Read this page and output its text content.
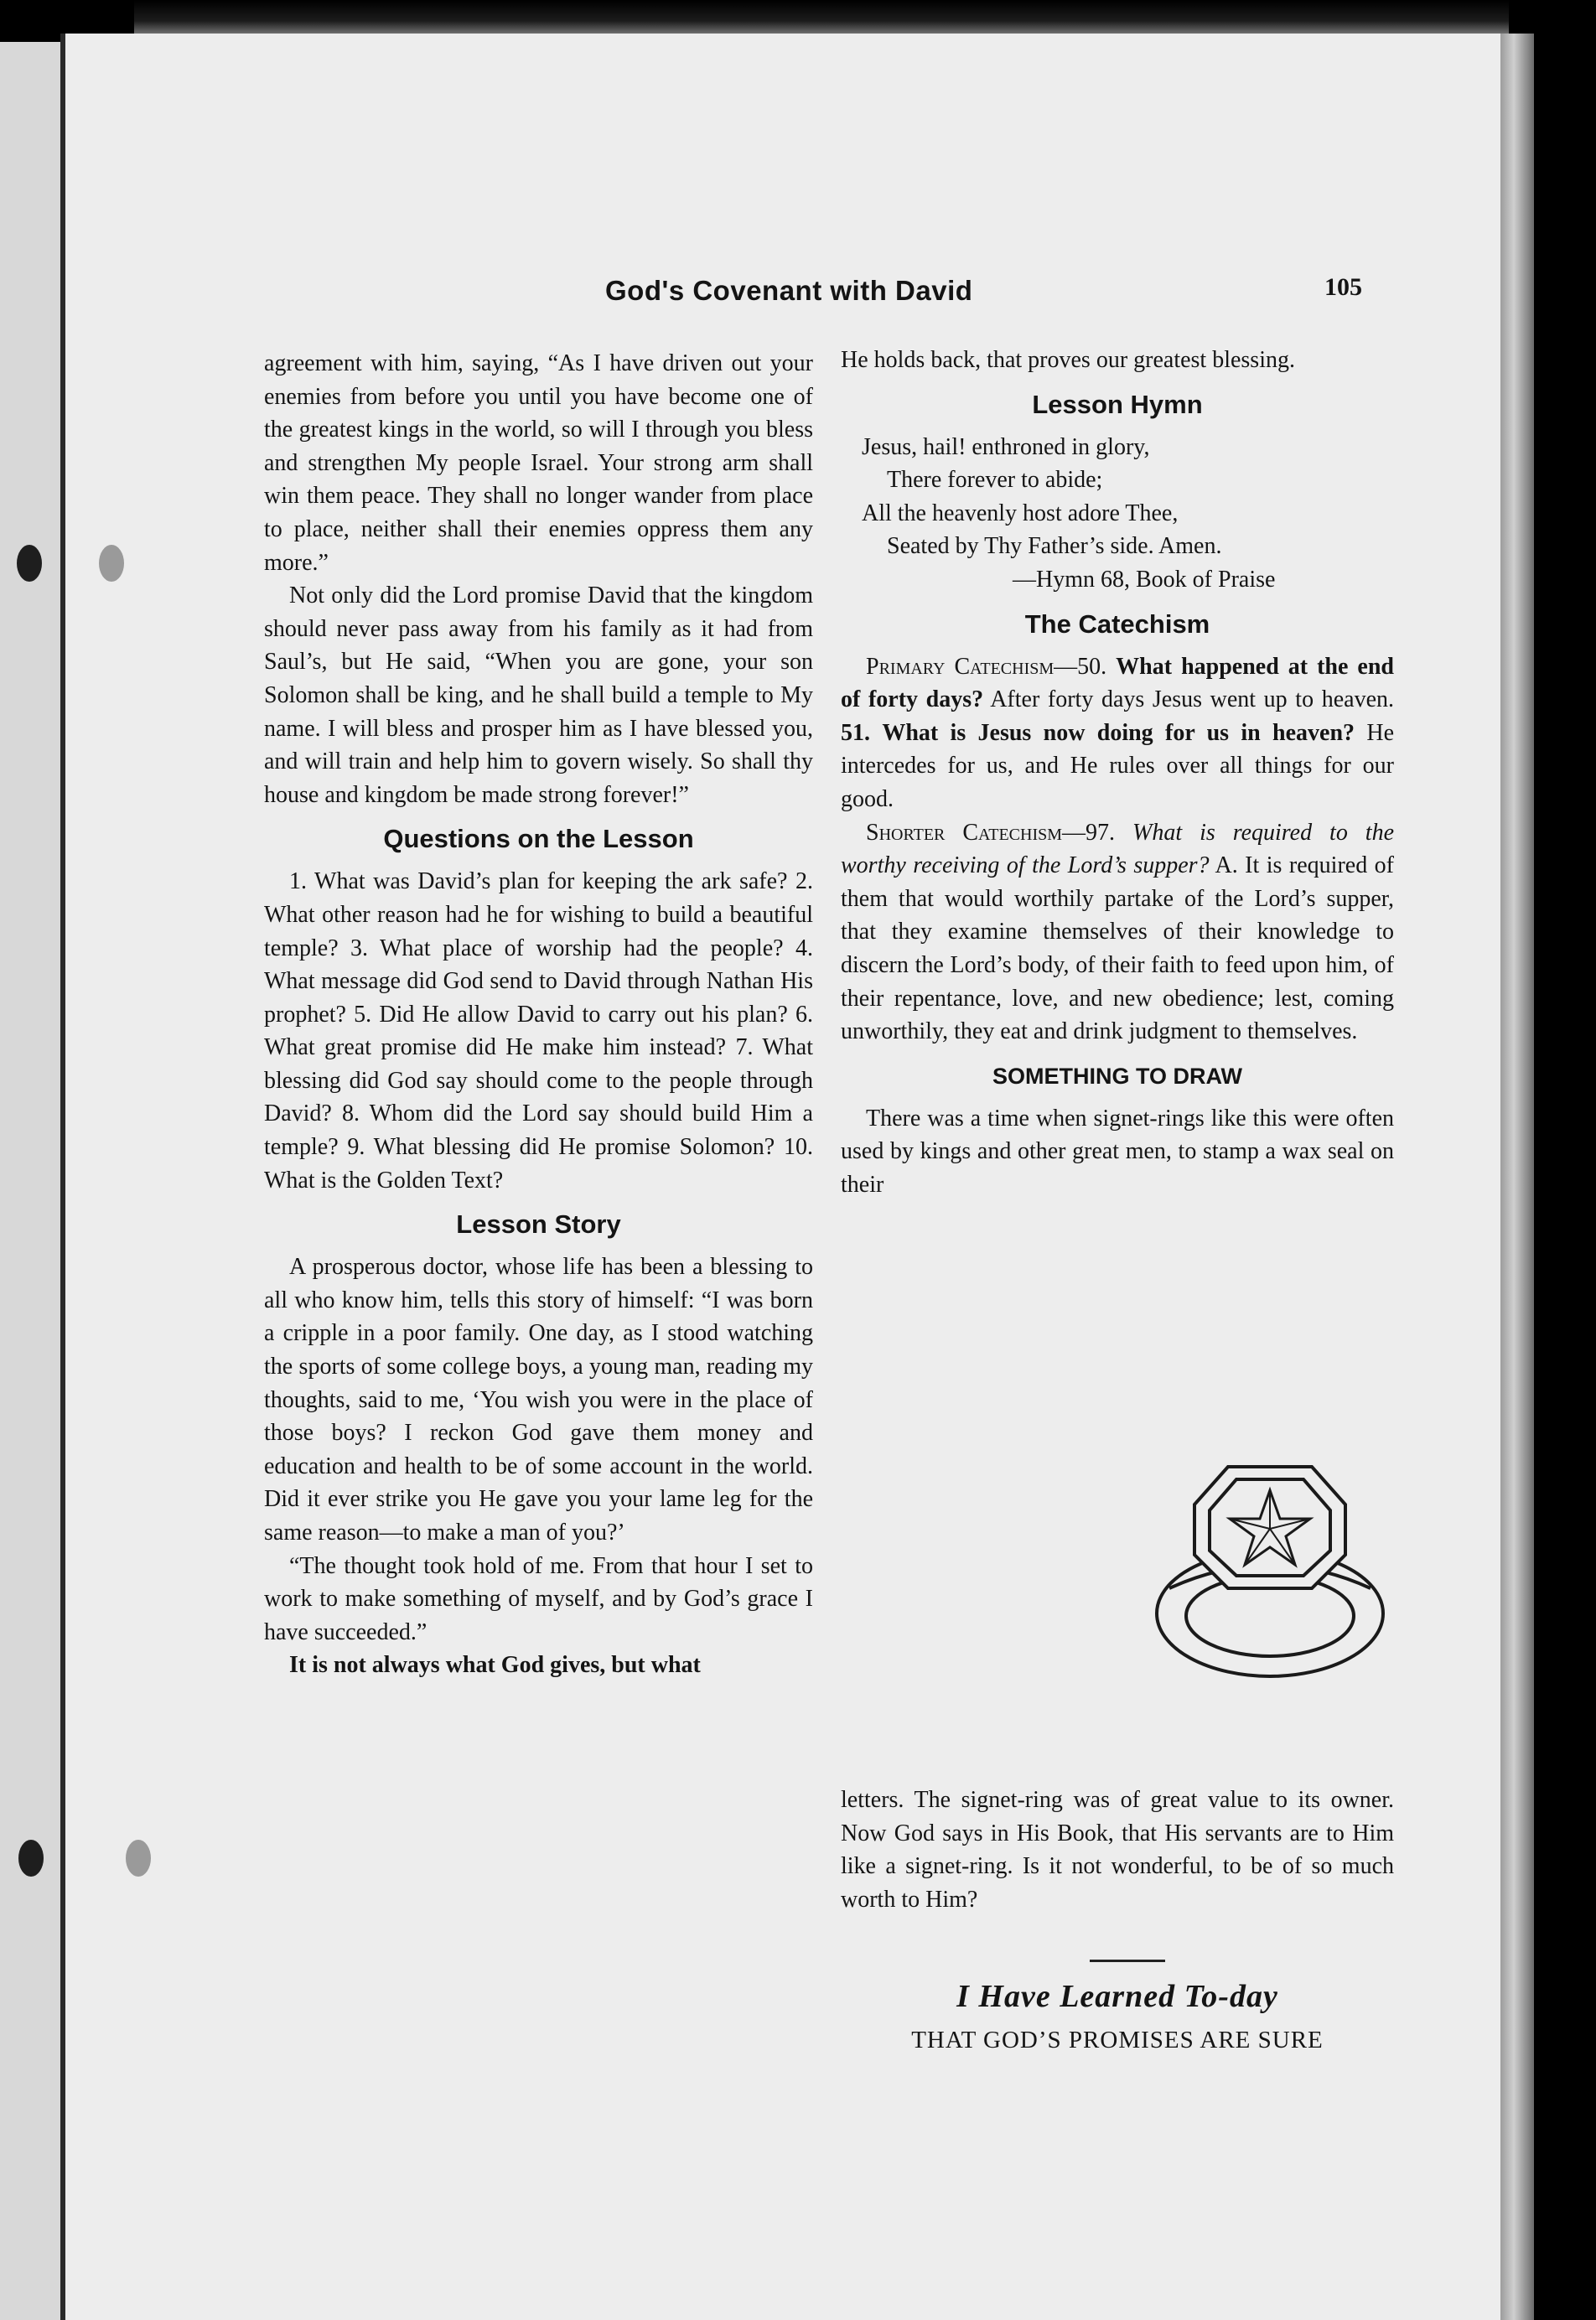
God's Covenant with David	105

agreement with him, saying, “As I have driven out your enemies from before you until you have become one of the greatest kings in the world, so will I through you bless and strengthen My people Israel. Your strong arm shall win them peace. They shall no longer wander from place to place, neither shall their enemies oppress them any more.”

Not only did the Lord promise David that the kingdom should never pass away from his family as it had from Saul’s, but He said, “When you are gone, your son Solomon shall be king, and he shall build a temple to My name. I will bless and prosper him as I have blessed you, and will train and help him to govern wisely. So shall thy house and kingdom be made strong forever!”

Questions on the Lesson

1. What was David’s plan for keeping the ark safe? 2. What other reason had he for wishing to build a beautiful temple? 3. What place of worship had the people? 4. What message did God send to David through Nathan His prophet? 5. Did He allow David to carry out his plan? 6. What great promise did He make him instead? 7. What blessing did God say should come to the people through David? 8. Whom did the Lord say should build Him a temple? 9. What blessing did He promise Solomon? 10. What is the Golden Text?

Lesson Story

A prosperous doctor, whose life has been a blessing to all who know him, tells this story of himself: “I was born a cripple in a poor family. One day, as I stood watching the sports of some college boys, a young man, reading my thoughts, said to me, ‘You wish you were in the place of those boys? I reckon God gave them money and education and health to be of some account in the world. Did it ever strike you He gave you your lame leg for the same reason—to make a man of you?’

“The thought took hold of me. From that hour I set to work to make something of myself, and by God’s grace I have succeeded.”

It is not always what God gives, but what

He holds back, that proves our greatest blessing.

Lesson Hymn
Jesus, hail! enthroned in glory,
There forever to abide;
All the heavenly host adore Thee,
Seated by Thy Father’s side. Amen.
—Hymn 68, Book of Praise
The Catechism

Primary Catechism—50. What happened at the end of forty days? After forty days Jesus went up to heaven. 51. What is Jesus now doing for us in heaven? He intercedes for us, and He rules over all things for our good.

Shorter Catechism—97. What is required to the worthy receiving of the Lord’s supper? A. It is required of them that would worthily partake of the Lord’s supper, that they examine themselves of their knowledge to discern the Lord’s body, of their faith to feed upon him, of their repentance, love, and new obedience; lest, coming unworthily, they eat and drink judgment to themselves.

SOMETHING TO DRAW

There was a time when signet-rings like this were often used by kings and other great men, to stamp a wax seal on their

letters. The signet-ring was of great value to its owner. Now God says in His Book, that His servants are to Him like a signet-ring. Is it not wonderful, to be of so much worth to Him?

I Have Learned To-day
THAT GOD’S PROMISES ARE SURE
